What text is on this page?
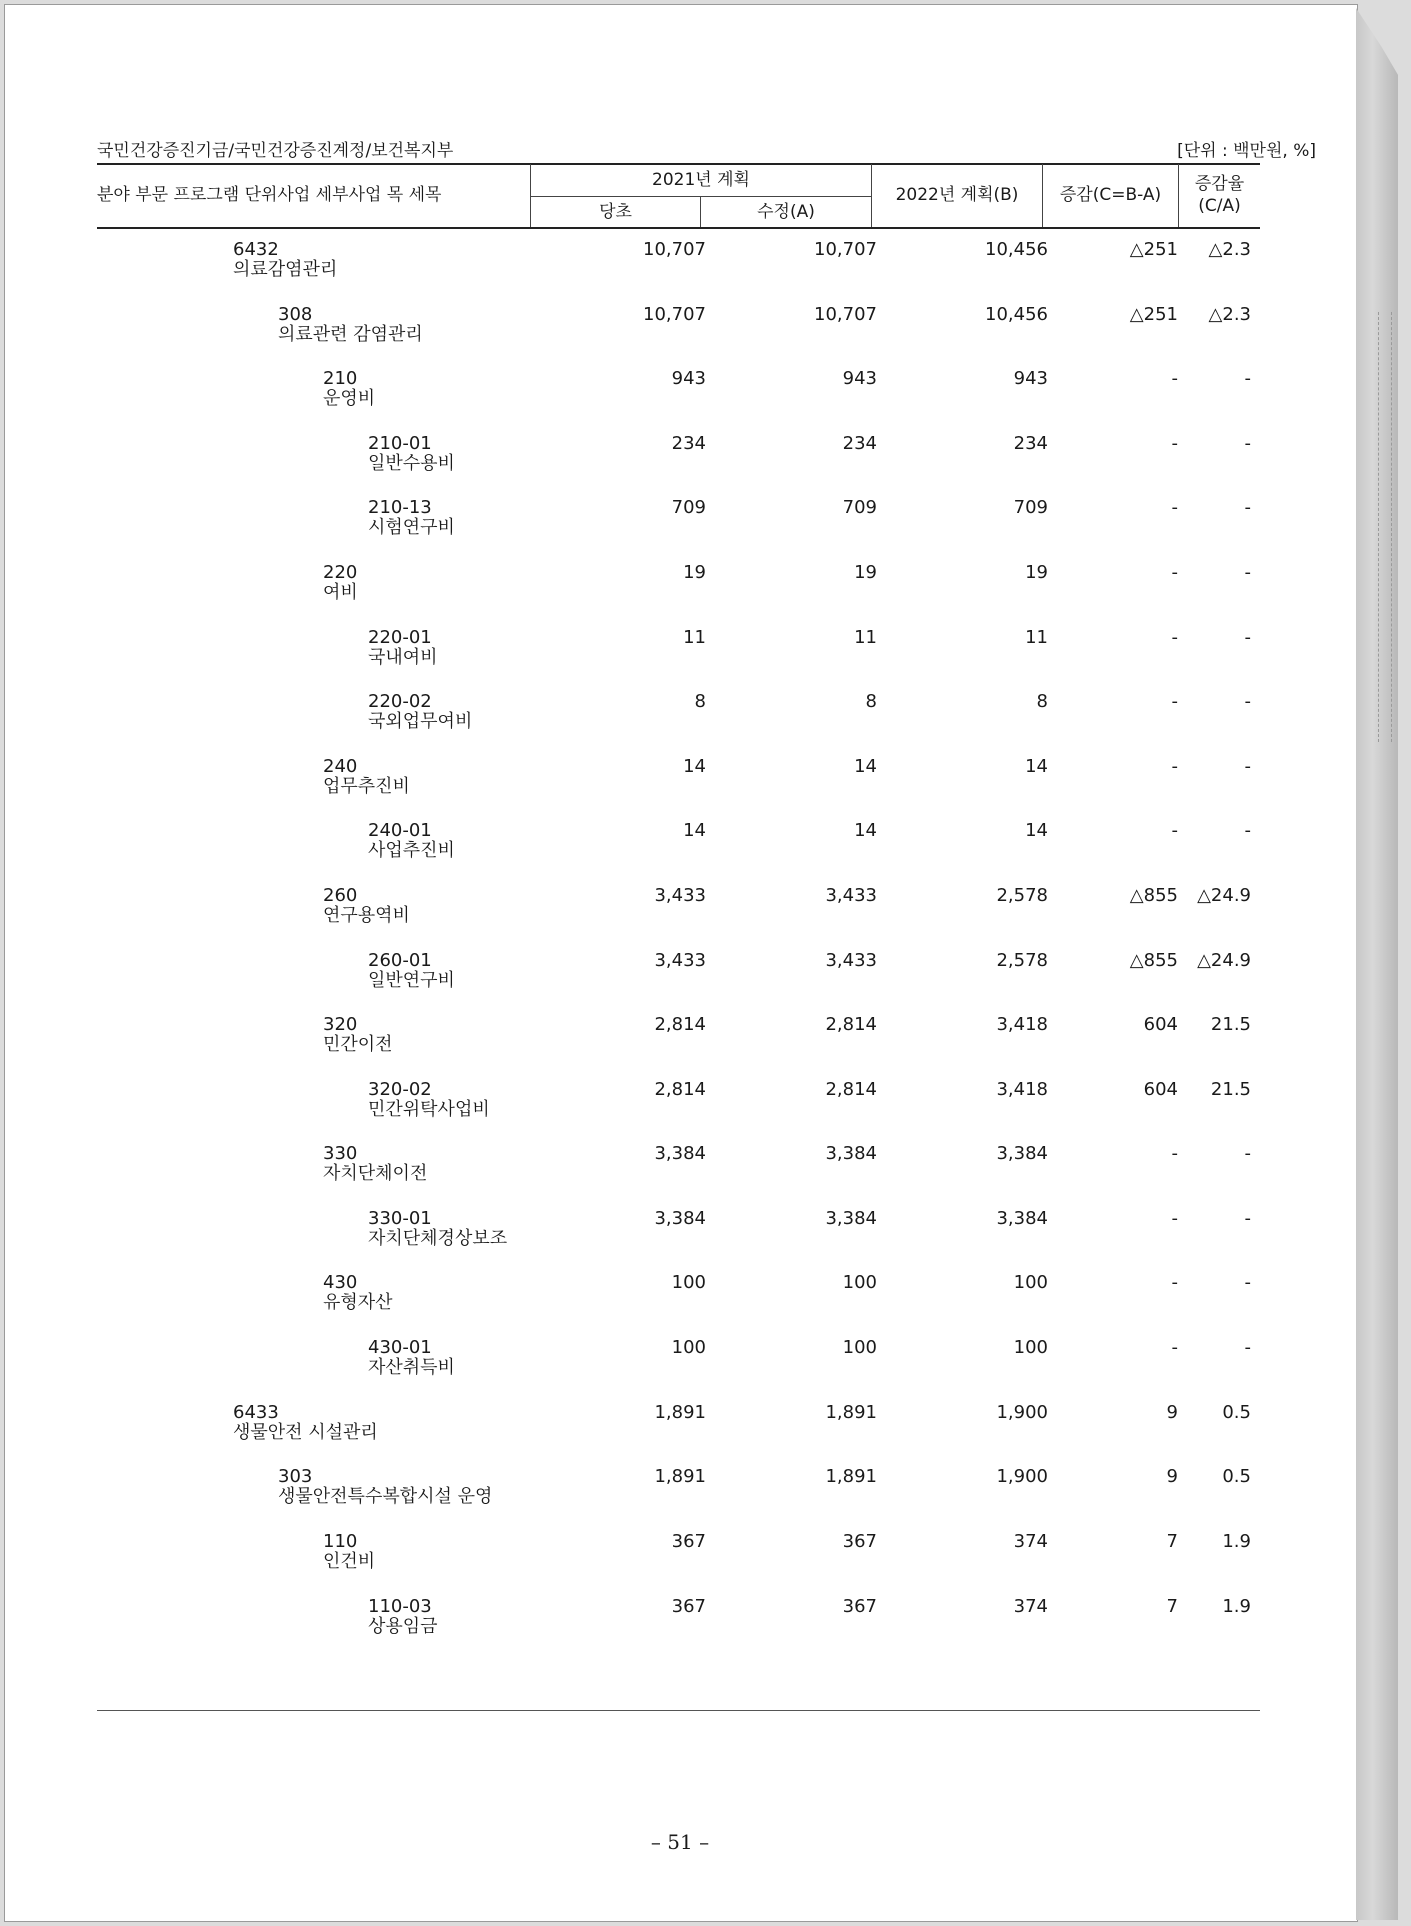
국민건강증진기금/국민건강증진계정/보건복지부	[단위 : 백만원, %]
분야 부문 프로그램 단위사업 세부사업 목 세목
2021년 계획
당초	수정(A)
2022년 계획(B)	증감(C=B-A)
증감율
(C/A)
6432
의료감염관리
10,707	10,707	10,456	△251 △2.3
308
의료관련 감염관리
10,707	10,707	10,456	△251 △2.3
210
운영비
943	943	943	-	-
210-01
일반수용비
234	234	234	-	-
210-13
시험연구비
709	709	709	-	-
220
여비
19	19	19	-	-
220-01
국내여비
11	11	11	-	-
220-02
국외업무여비
8	8	8	-	-
240
업무추진비
14	14	14	-	-
240-01
사업추진비
14	14	14	-	-
260
연구용역비
3,433	3,433	2,578	△855 △24.9
260-01
일반연구비
3,433	3,433	2,578	△855 △24.9
320
민간이전
2,814	2,814	3,418	604 21.5
320-02
민간위탁사업비
2,814	2,814	3,418	604 21.5
330
자치단체이전
3,384	3,384	3,384	-	-
330-01
자치단체경상보조
3,384	3,384	3,384	-	-
430
유형자산
100	100	100	-	-
430-01
자산취득비
100	100	100	-	-
6433
생물안전 시설관리
1,891	1,891	1,900	9 0.5
303
생물안전특수복합시설 운영
1,891	1,891	1,900	9 0.5
110
인건비
367	367	374	7 1.9
110-03
상용임금
367	367	374	7 1.9
– 51 –
